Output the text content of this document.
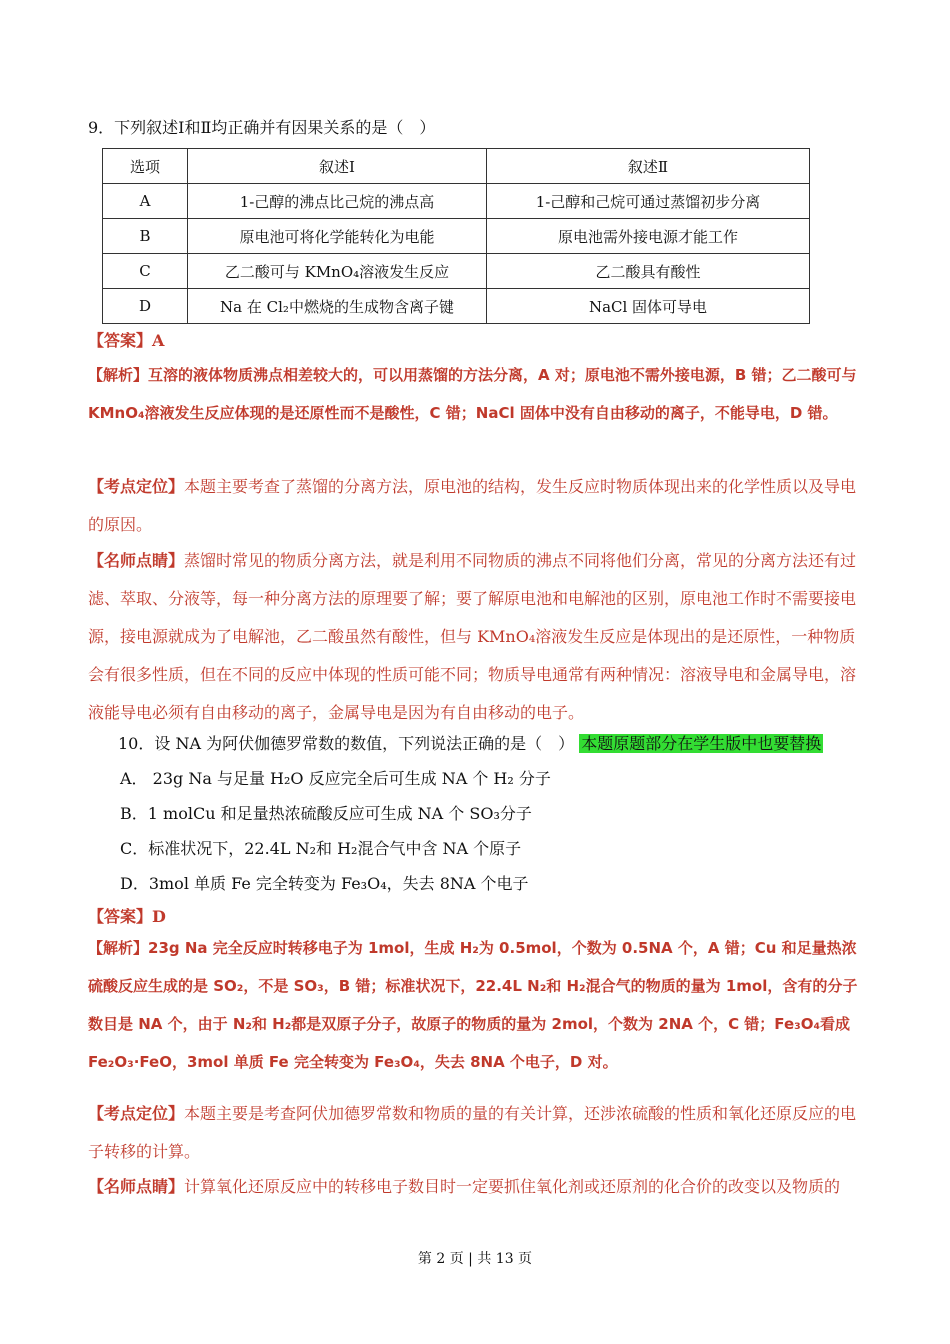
9．下列叙述Ⅰ和Ⅱ均正确并有因果关系的是（　）
选项	叙述Ⅰ	叙述Ⅱ
A	1-己醇的沸点比己烷的沸点高	1-己醇和己烷可通过蒸馏初步分离
B	原电池可将化学能转化为电能	原电池需外接电源才能工作
C	乙二酸可与 KMnO₄溶液发生反应	乙二酸具有酸性
D	Na 在 Cl₂中燃烧的生成物含离子键	NaCl 固体可导电
【答案】A
【解析】互溶的液体物质沸点相差较大的，可以用蒸馏的方法分离，A 对；原电池不需外接电源，B 错；乙二酸可与 KMnO₄溶液发生反应体现的是还原性而不是酸性，C 错；NaCl 固体中没有自由移动的离子，不能导电，D 错。
【考点定位】本题主要考查了蒸馏的分离方法，原电池的结构，发生反应时物质体现出来的化学性质以及导电的原因。
【名师点睛】蒸馏时常见的物质分离方法，就是利用不同物质的沸点不同将他们分离，常见的分离方法还有过滤、萃取、分液等，每一种分离方法的原理要了解；要了解原电池和电解池的区别，原电池工作时不需要接电源，接电源就成为了电解池，乙二酸虽然有酸性，但与 KMnO₄溶液发生反应是体现出的是还原性，一种物质会有很多性质，但在不同的反应中体现的性质可能不同；物质导电通常有两种情况：溶液导电和金属导电，溶液能导电必须有自由移动的离子，金属导电是因为有自由移动的电子。
10．设 NA 为阿伏伽德罗常数的数值，下列说法正确的是（　） 本题原题部分在学生版中也要替换
A． 23g Na 与足量 H₂O 反应完全后可生成 NA 个 H₂ 分子
B．1 molCu 和足量热浓硫酸反应可生成 NA 个 SO₃分子
C．标准状况下，22.4L N₂和 H₂混合气中含 NA 个原子
D．3mol 单质 Fe 完全转变为 Fe₃O₄，失去 8NA 个电子
【答案】D
【解析】23g Na 完全反应时转移电子为 1mol，生成 H₂为 0.5mol，个数为 0.5NA 个，A 错；Cu 和足量热浓硫酸反应生成的是 SO₂，不是 SO₃，B 错；标准状况下，22.4L N₂和 H₂混合气的物质的量为 1mol，含有的分子数目是 NA 个，由于 N₂和 H₂都是双原子分子，故原子的物质的量为 2mol，个数为 2NA 个，C 错；Fe₃O₄看成 Fe₂O₃·FeO，3mol 单质 Fe 完全转变为 Fe₃O₄，失去 8NA 个电子，D 对。
【考点定位】本题主要是考查阿伏加德罗常数和物质的量的有关计算，还涉浓硫酸的性质和氧化还原反应的电子转移的计算。
【名师点睛】计算氧化还原反应中的转移电子数目时一定要抓住氧化剂或还原剂的化合价的改变以及物质的
第 2 页 | 共 13 页
